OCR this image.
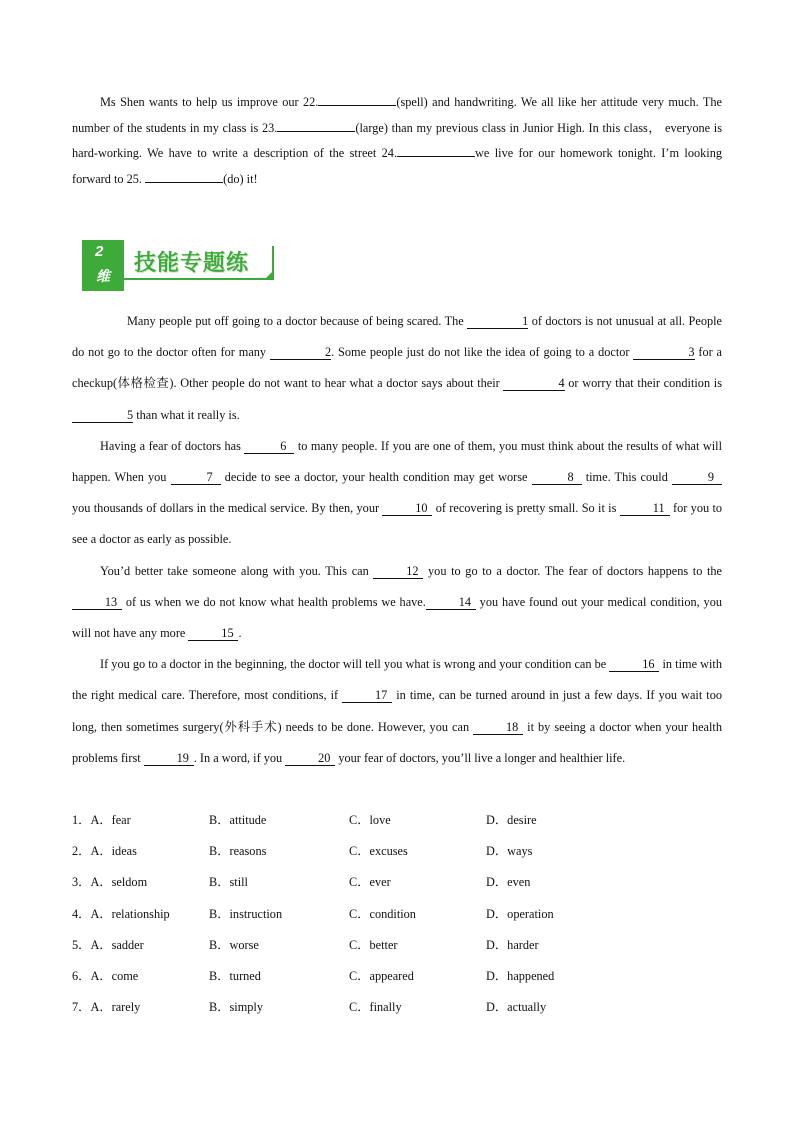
Ms Shen wants to help us improve our 22.	(spell) and handwriting. We all like her attitude very much. The number of the students in my class is 23.	(large) than my previous class in Junior High. In this class， everyone is hard-working. We have to write a description of the street 24.	we live for our homework tonight. I’m looking forward to 25.	(do) it!
2
维
技能专题练

Many people put off going to a doctor because of being scared. The	1 of doctors is not unusual at all. People do not go to the doctor often for many	2. Some people just do not like the idea of going to a doctor	3 for a checkup(体格检查). Other people do not want to hear what a doctor says about their	4 or worry that their condition is 5 than what it really is.

Having a fear of doctors has	6 to many people. If you are one of them, you must think about the results of what will happen. When you	7 decide to see a doctor, your health condition may get worse	8 time. This could	9 you thousands of dollars in the medical service. By then, your	10 of recovering is pretty small. So it is	11 for you to see a doctor as early as possible.

You’d better take someone along with you. This can	12 you to go to a doctor. The fear of doctors happens to the 13 of us when we do not know what health problems we have.	14 you have found out your medical condition, you will not have any more	15 .

If you go to a doctor in the beginning, the doctor will tell you what is wrong and your condition can be	16 in time with the right medical care. Therefore, most conditions, if	17 in time, can be turned around in just a few days. If you wait too long, then sometimes surgery(外科手术) needs to be done. However, you can	18 it by seeing a doctor when your health problems first	19 . In a word, if you	20 your fear of doctors, you’ll live a longer and healthier life.

1．A．fear	B．attitude	C．love	D．desire
2．A．ideas	B．reasons	C．excuses	D．ways
3．A．seldom	B．still	C．ever	D．even
4．A．relationship	B．instruction	C．condition	D．operation
5．A．sadder	B．worse	C．better	D．harder
6．A．come	B．turned	C．appeared	D．happened
7．A．rarely	B．simply	C．finally	D．actually
